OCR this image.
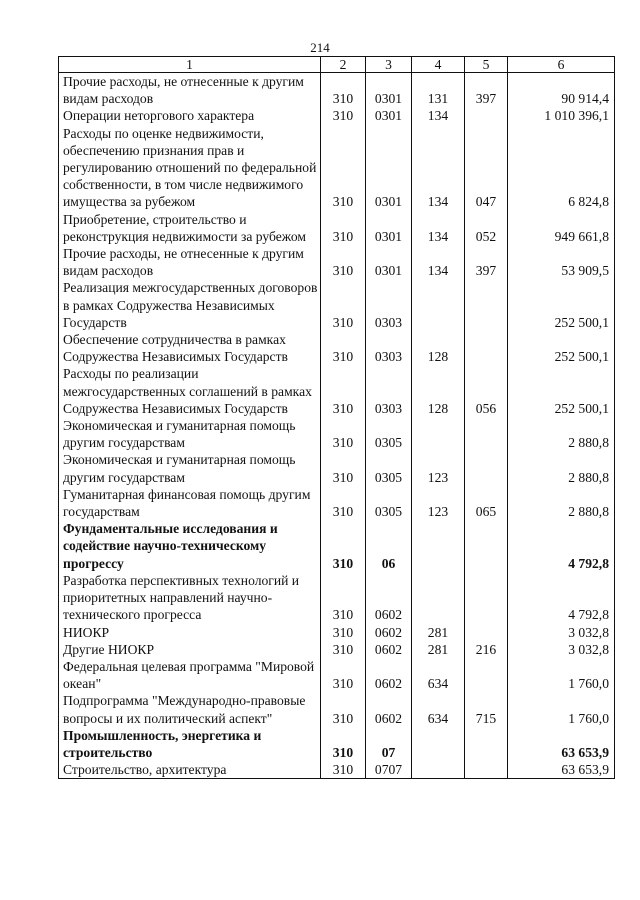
214
1	2	3	4	5	6
Прочие расходы, не отнесенные к другим видам расходов	310	0301	131	397	90 914,4
Операции неторгового характера	310	0301	134		1 010 396,1
Расходы по оценке недвижимости, обеспечению признания прав и регулированию отношений по федеральной собственности, в том числе недвижимого имущества за рубежом	310	0301	134	047	6 824,8
Приобретение, строительство и реконструкция недвижимости за рубежом	310	0301	134	052	949 661,8
Прочие расходы, не отнесенные к другим видам расходов	310	0301	134	397	53 909,5
Реализация межгосударственных договоров в рамках Содружества Независимых Государств	310	0303			252 500,1
Обеспечение сотрудничества в рамках Содружества Независимых Государств	310	0303	128		252 500,1
Расходы по реализации межгосударственных соглашений в рамках Содружества Независимых Государств	310	0303	128	056	252 500,1
Экономическая и гуманитарная помощь другим государствам	310	0305			2 880,8
Экономическая и гуманитарная помощь другим государствам	310	0305	123		2 880,8
Гуманитарная финансовая помощь другим государствам	310	0305	123	065	2 880,8
Фундаментальные исследования и содействие научно-техническому прогрессу	310	06			4 792,8
Разработка перспективных технологий и приоритетных направлений научно-технического прогресса	310	0602			4 792,8
НИОКР	310	0602	281		3 032,8
Другие НИОКР	310	0602	281	216	3 032,8
Федеральная целевая программа "Мировой океан"	310	0602	634		1 760,0
Подпрограмма "Международно-правовые вопросы и их политический аспект"	310	0602	634	715	1 760,0
Промышленность, энергетика и строительство	310	07			63 653,9
Строительство, архитектура	310	0707			63 653,9
